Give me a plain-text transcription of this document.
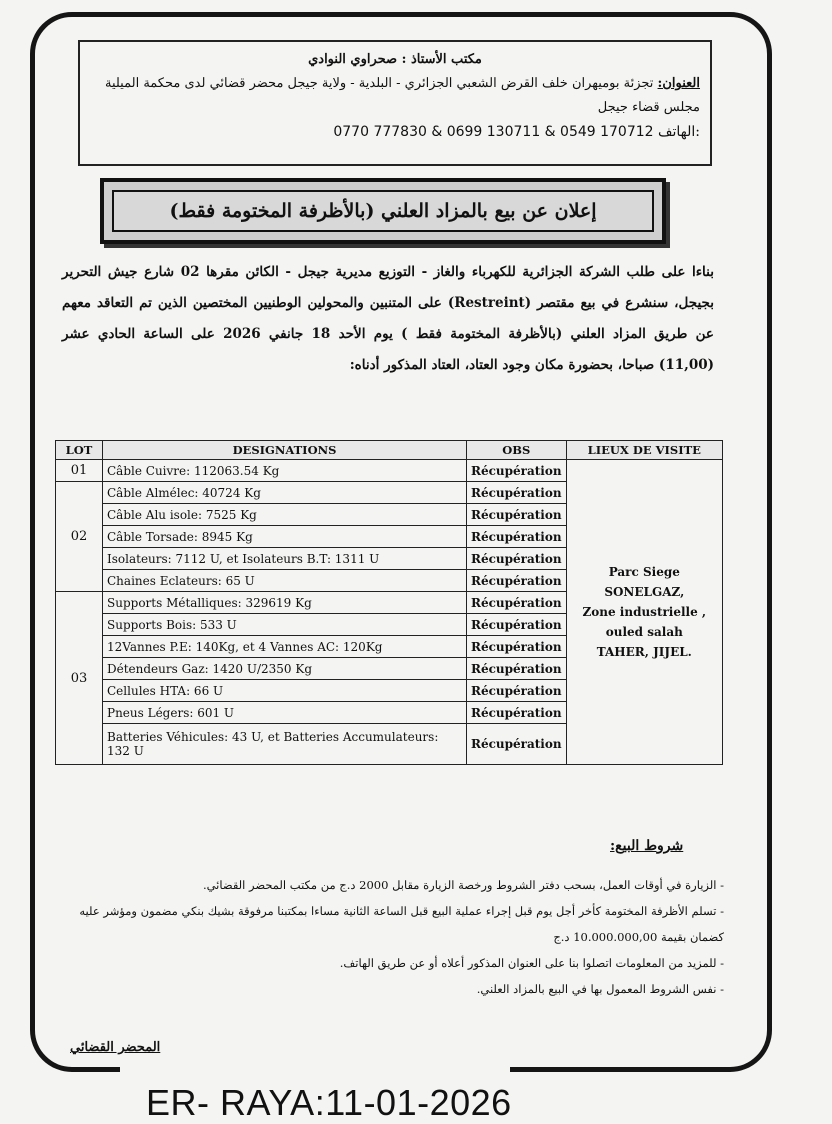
ER- RAYA:11-01-2026
مكتب الأستاذ : صحراوي النوادي
العنوان: تجزئة بوميهران خلف القرض الشعبي الجزائري - البلدية - ولاية جيجل محضر قضائي لدى محكمة الميلية مجلس قضاء جيجل
0770 777830 & 0699 130711 & 0549 170712 الهاتف:
إعلان عن بيع بالمزاد العلني (بالأظرفة المختومة فقط)
بناءا على طلب الشركة الجزائرية للكهرباء والغاز - التوزيع مديرية جيجل - الكائن مقرها 02 شارع جيش التحرير بجيجل، سنشرع في بيع مقتصر (Restreint) على المتنبين والمحولين الوطنيين المختصين الذين تم التعاقد معهم عن طريق المزاد العلني (بالأظرفة المختومة فقط ) يوم الأحد 18 جانفي 2026 على الساعة الحادي عشر (11,00) صباحا، بحضورة مكان وجود العتاد، العتاد المذكور أدناه:
LOT	DESIGNATIONS	OBS	LIEUX DE VISITE
01	Câble Cuivre: 112063.54 Kg	Récupération	Parc Siege
SONELGAZ,
Zone industrielle ,
ouled salah
TAHER, JIJEL.

02	Câble Almélec: 40724 Kg	Récupération	
	Câble Alu isole: 7525 Kg	Récupération	
	Câble Torsade: 8945 Kg	Récupération	
	Isolateurs: 7112 U, et Isolateurs B.T: 1311 U	Récupération	
	Chaines Eclateurs: 65 U	Récupération	
03	Supports Métalliques: 329619 Kg	Récupération	
	Supports Bois: 533 U	Récupération	
	12Vannes P.E: 140Kg, et 4 Vannes AC: 120Kg	Récupération	
	Détendeurs Gaz: 1420 U/2350 Kg	Récupération	
	Cellules HTA: 66 U	Récupération	
	Pneus Légers: 601 U	Récupération	
	Batteries Véhicules: 43 U, et Batteries Accumulateurs: 132 U	Récupération	
شروط البيع:

- الزيارة في أوقات العمل، بسحب دفتر الشروط ورخصة الزيارة مقابل 2000 د.ج من مكتب المحضر القضائي.

- تسلم الأظرفة المختومة كأخر أجل يوم قبل إجراء عملية البيع قبل الساعة الثانية مساءا بمكتبنا مرفوقة بشيك بنكي مضمون ومؤشر عليه كضمان بقيمة 10.000.000,00 د.ج

- للمزيد من المعلومات اتصلوا بنا على العنوان المذكور أعلاه أو عن طريق الهاتف.

- نفس الشروط المعمول بها في البيع بالمزاد العلني.

المحضر القضائي
